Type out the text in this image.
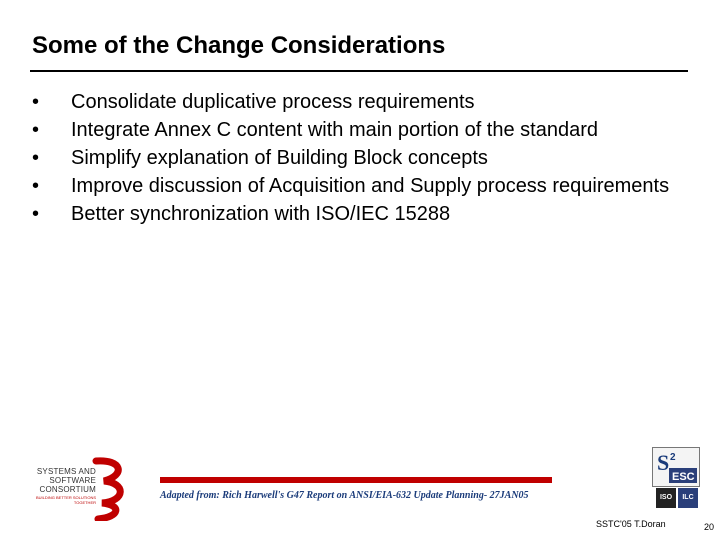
Some of the Change Considerations
•	Consolidate duplicative process requirements
•	Integrate Annex C content with main portion of the standard
•	Simplify explanation of Building Block concepts
•	Improve discussion of Acquisition and Supply process requirements
•	Better synchronization with ISO/IEC 15288
SYSTEMS AND SOFTWARE CONSORTIUM
BUILDING BETTER SOLUTIONS TOGETHER
Adapted from: Rich Harwell's G47 Report on ANSI/EIA-632 Update Planning- 27JAN05
S 2
ESC
ISO	ILC
SSTC'05 T.Doran	20
